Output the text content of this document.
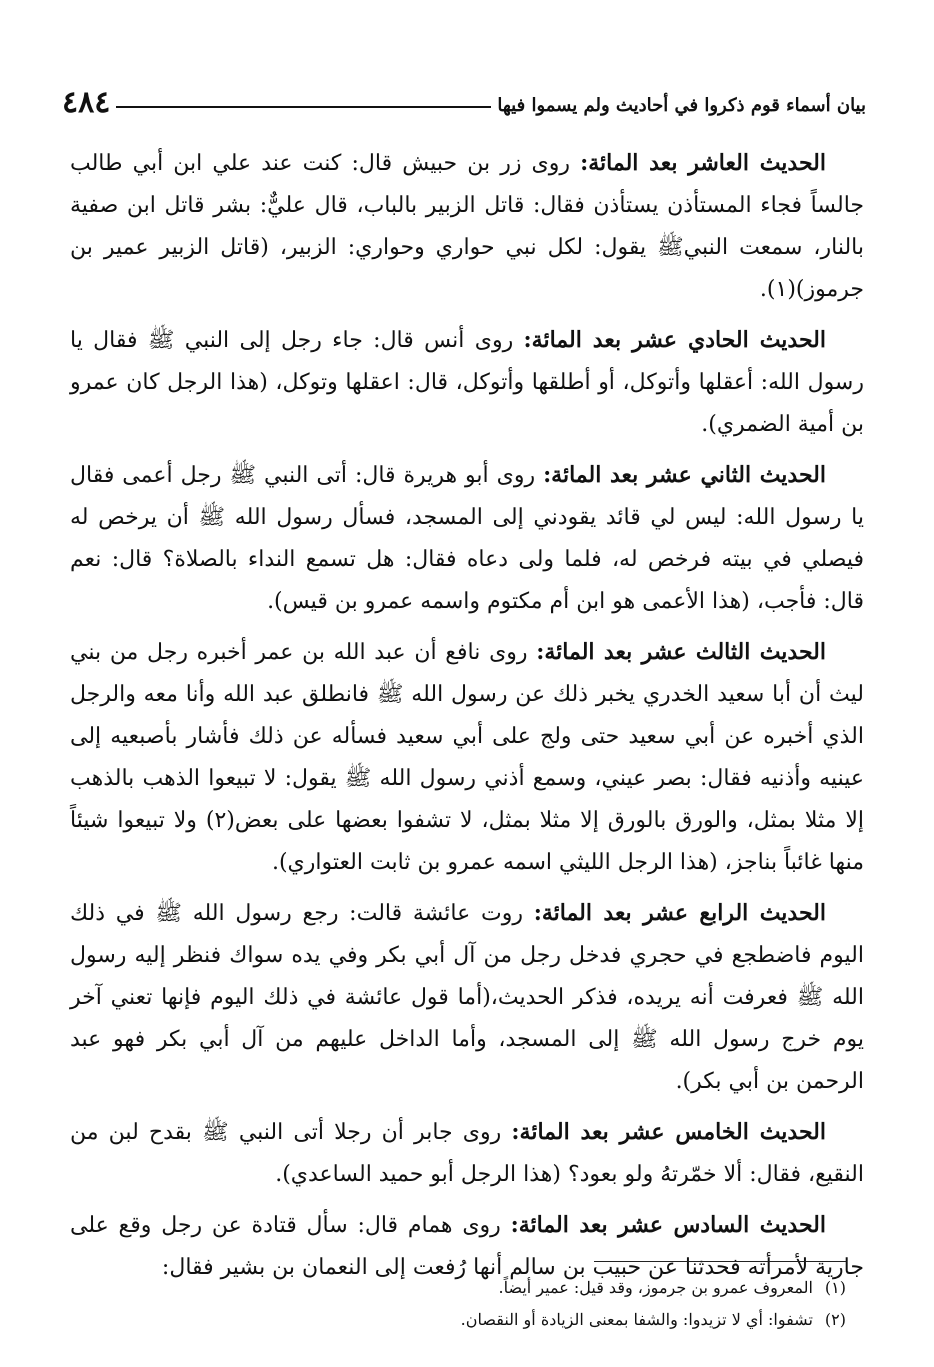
بيان أسماء قوم ذكروا في أحاديث ولم يسموا فيها
٤٨٤

الحديث العاشر بعد المائة: روى زر بن حبيش قال: كنت عند علي ابن أبي طالب جالساً فجاء المستأذن يستأذن فقال: قاتل الزبير بالباب، قال عليٌّ: بشر قاتل ابن صفية بالنار، سمعت النبيﷺ يقول: لكل نبي حواري وحواري: الزبير، (قاتل الزبير عمير بن جرموز)(١).

الحديث الحادي عشر بعد المائة: روى أنس قال: جاء رجل إلى النبي ﷺ فقال يا رسول الله: أعقلها وأتوكل، أو أطلقها وأتوكل، قال: اعقلها وتوكل، (هذا الرجل كان عمرو بن أمية الضمري).

الحديث الثاني عشر بعد المائة: روى أبو هريرة قال: أتى النبي ﷺ رجل أعمى فقال يا رسول الله: ليس لي قائد يقودني إلى المسجد، فسأل رسول الله ﷺ أن يرخص له فيصلي في بيته فرخص له، فلما ولى دعاه فقال: هل تسمع النداء بالصلاة؟ قال: نعم قال: فأجب، (هذا الأعمى هو ابن أم مكتوم واسمه عمرو بن قيس).

الحديث الثالث عشر بعد المائة: روى نافع أن عبد الله بن عمر أخبره رجل من بني ليث أن أبا سعيد الخدري يخبر ذلك عن رسول الله ﷺ فانطلق عبد الله وأنا معه والرجل الذي أخبره عن أبي سعيد حتى ولج على أبي سعيد فسأله عن ذلك فأشار بأصبعيه إلى عينيه وأذنيه فقال: بصر عيني، وسمع أذني رسول الله ﷺ يقول: لا تبيعوا الذهب بالذهب إلا مثلا بمثل، والورق بالورق إلا مثلا بمثل، لا تشفوا بعضها على بعض(٢) ولا تبيعوا شيئاً منها غائباً بناجز، (هذا الرجل الليثي اسمه عمرو بن ثابت العتواري).

الحديث الرابع عشر بعد المائة: روت عائشة قالت: رجع رسول الله ﷺ في ذلك اليوم فاضطجع في حجري فدخل رجل من آل أبي بكر وفي يده سواك فنظر إليه رسول الله ﷺ فعرفت أنه يريده، فذكر الحديث،(أما قول عائشة في ذلك اليوم فإنها تعني آخر يوم خرج رسول الله ﷺ إلى المسجد، وأما الداخل عليهم من آل أبي بكر فهو عبد الرحمن بن أبي بكر).

الحديث الخامس عشر بعد المائة: روى جابر أن رجلا أتى النبي ﷺ بقدح لبن من النقيع، فقال: ألا خمّرتهُ ولو بعود؟ (هذا الرجل أبو حميد الساعدي).

الحديث السادس عشر بعد المائة: روى همام قال: سأل قتادة عن رجل وقع على جارية لأمرأته فحدثنا عن حبيب بن سالم أنها رُفعت إلى النعمان بن بشير فقال:

(١)المعروف عمرو بن جرموز، وقد قيل: عمير أيضاً.

(٢)تشفوا: أي لا تزيدوا: والشفا بمعنى الزيادة أو النقصان.
